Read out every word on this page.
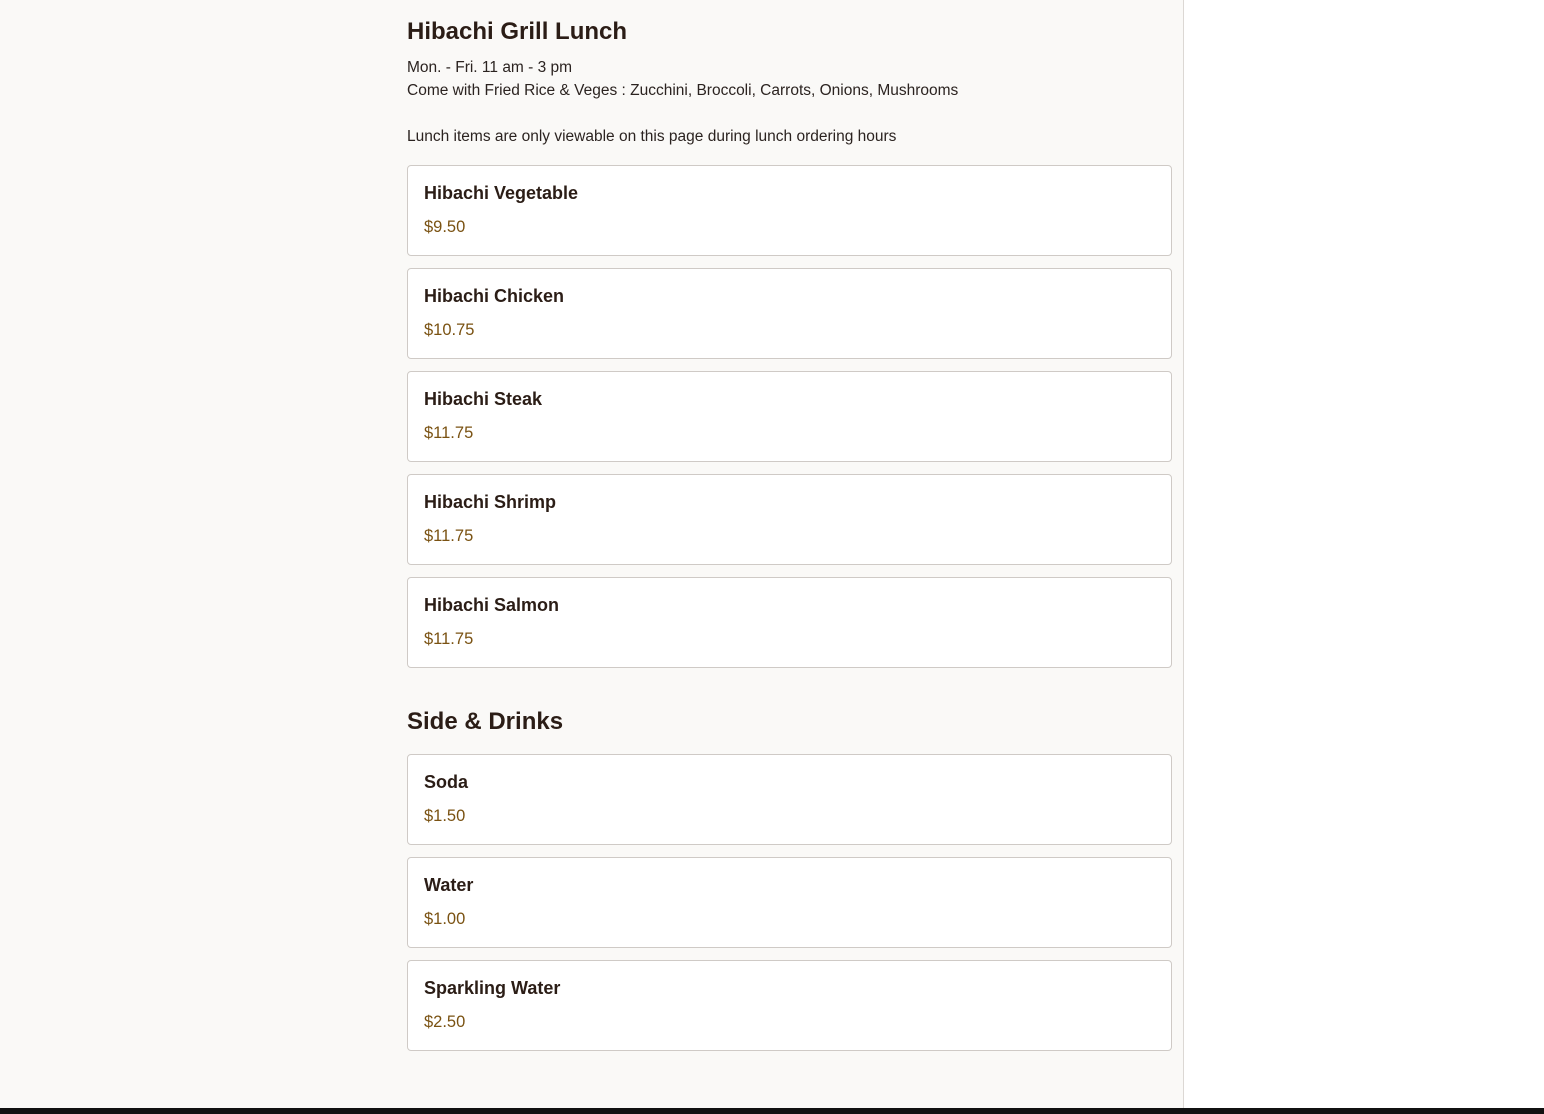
Hibachi Grill Lunch
Mon. - Fri. 11 am - 3 pm
Come with Fried Rice & Veges : Zucchini, Broccoli, Carrots, Onions, Mushrooms
Lunch items are only viewable on this page during lunch ordering hours
Hibachi Vegetable
$9.50
Hibachi Chicken
$10.75
Hibachi Steak
$11.75
Hibachi Shrimp
$11.75
Hibachi Salmon
$11.75
Side & Drinks
Soda
$1.50
Water
$1.00
Sparkling Water
$2.50
